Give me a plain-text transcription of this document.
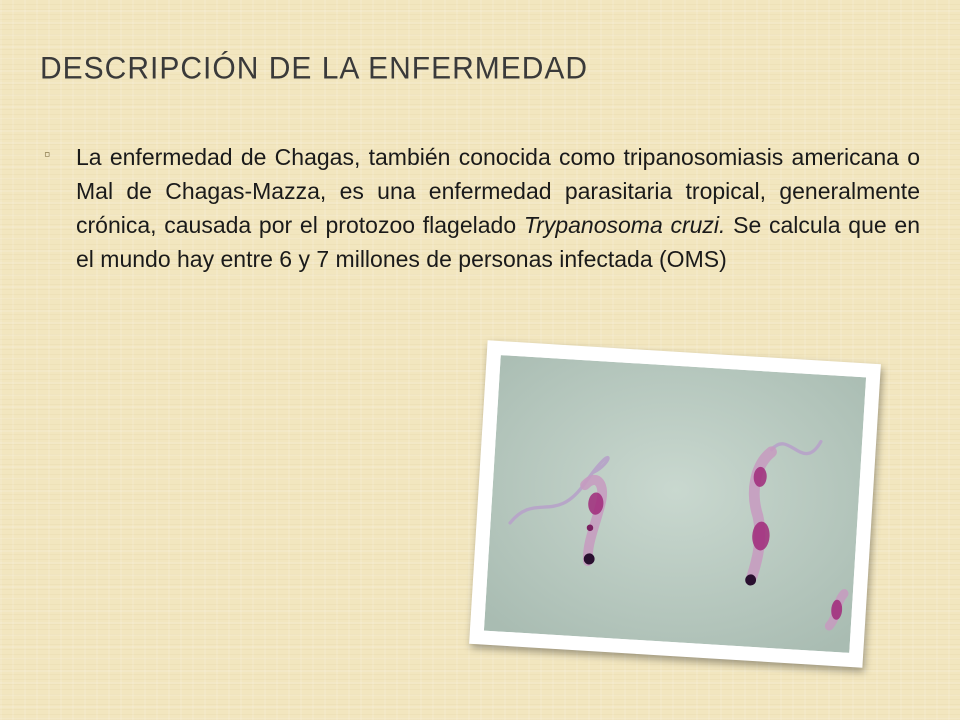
DESCRIPCIÓN DE LA ENFERMEDAD
▫	La enfermedad de Chagas, también conocida como tripanosomiasis americana o Mal de Chagas-Mazza, es una enfermedad parasitaria tropical, generalmente crónica, causada por el protozoo flagelado Trypanosoma cruzi. Se calcula que en el mundo hay entre 6 y 7 millones de personas infectada (OMS)
